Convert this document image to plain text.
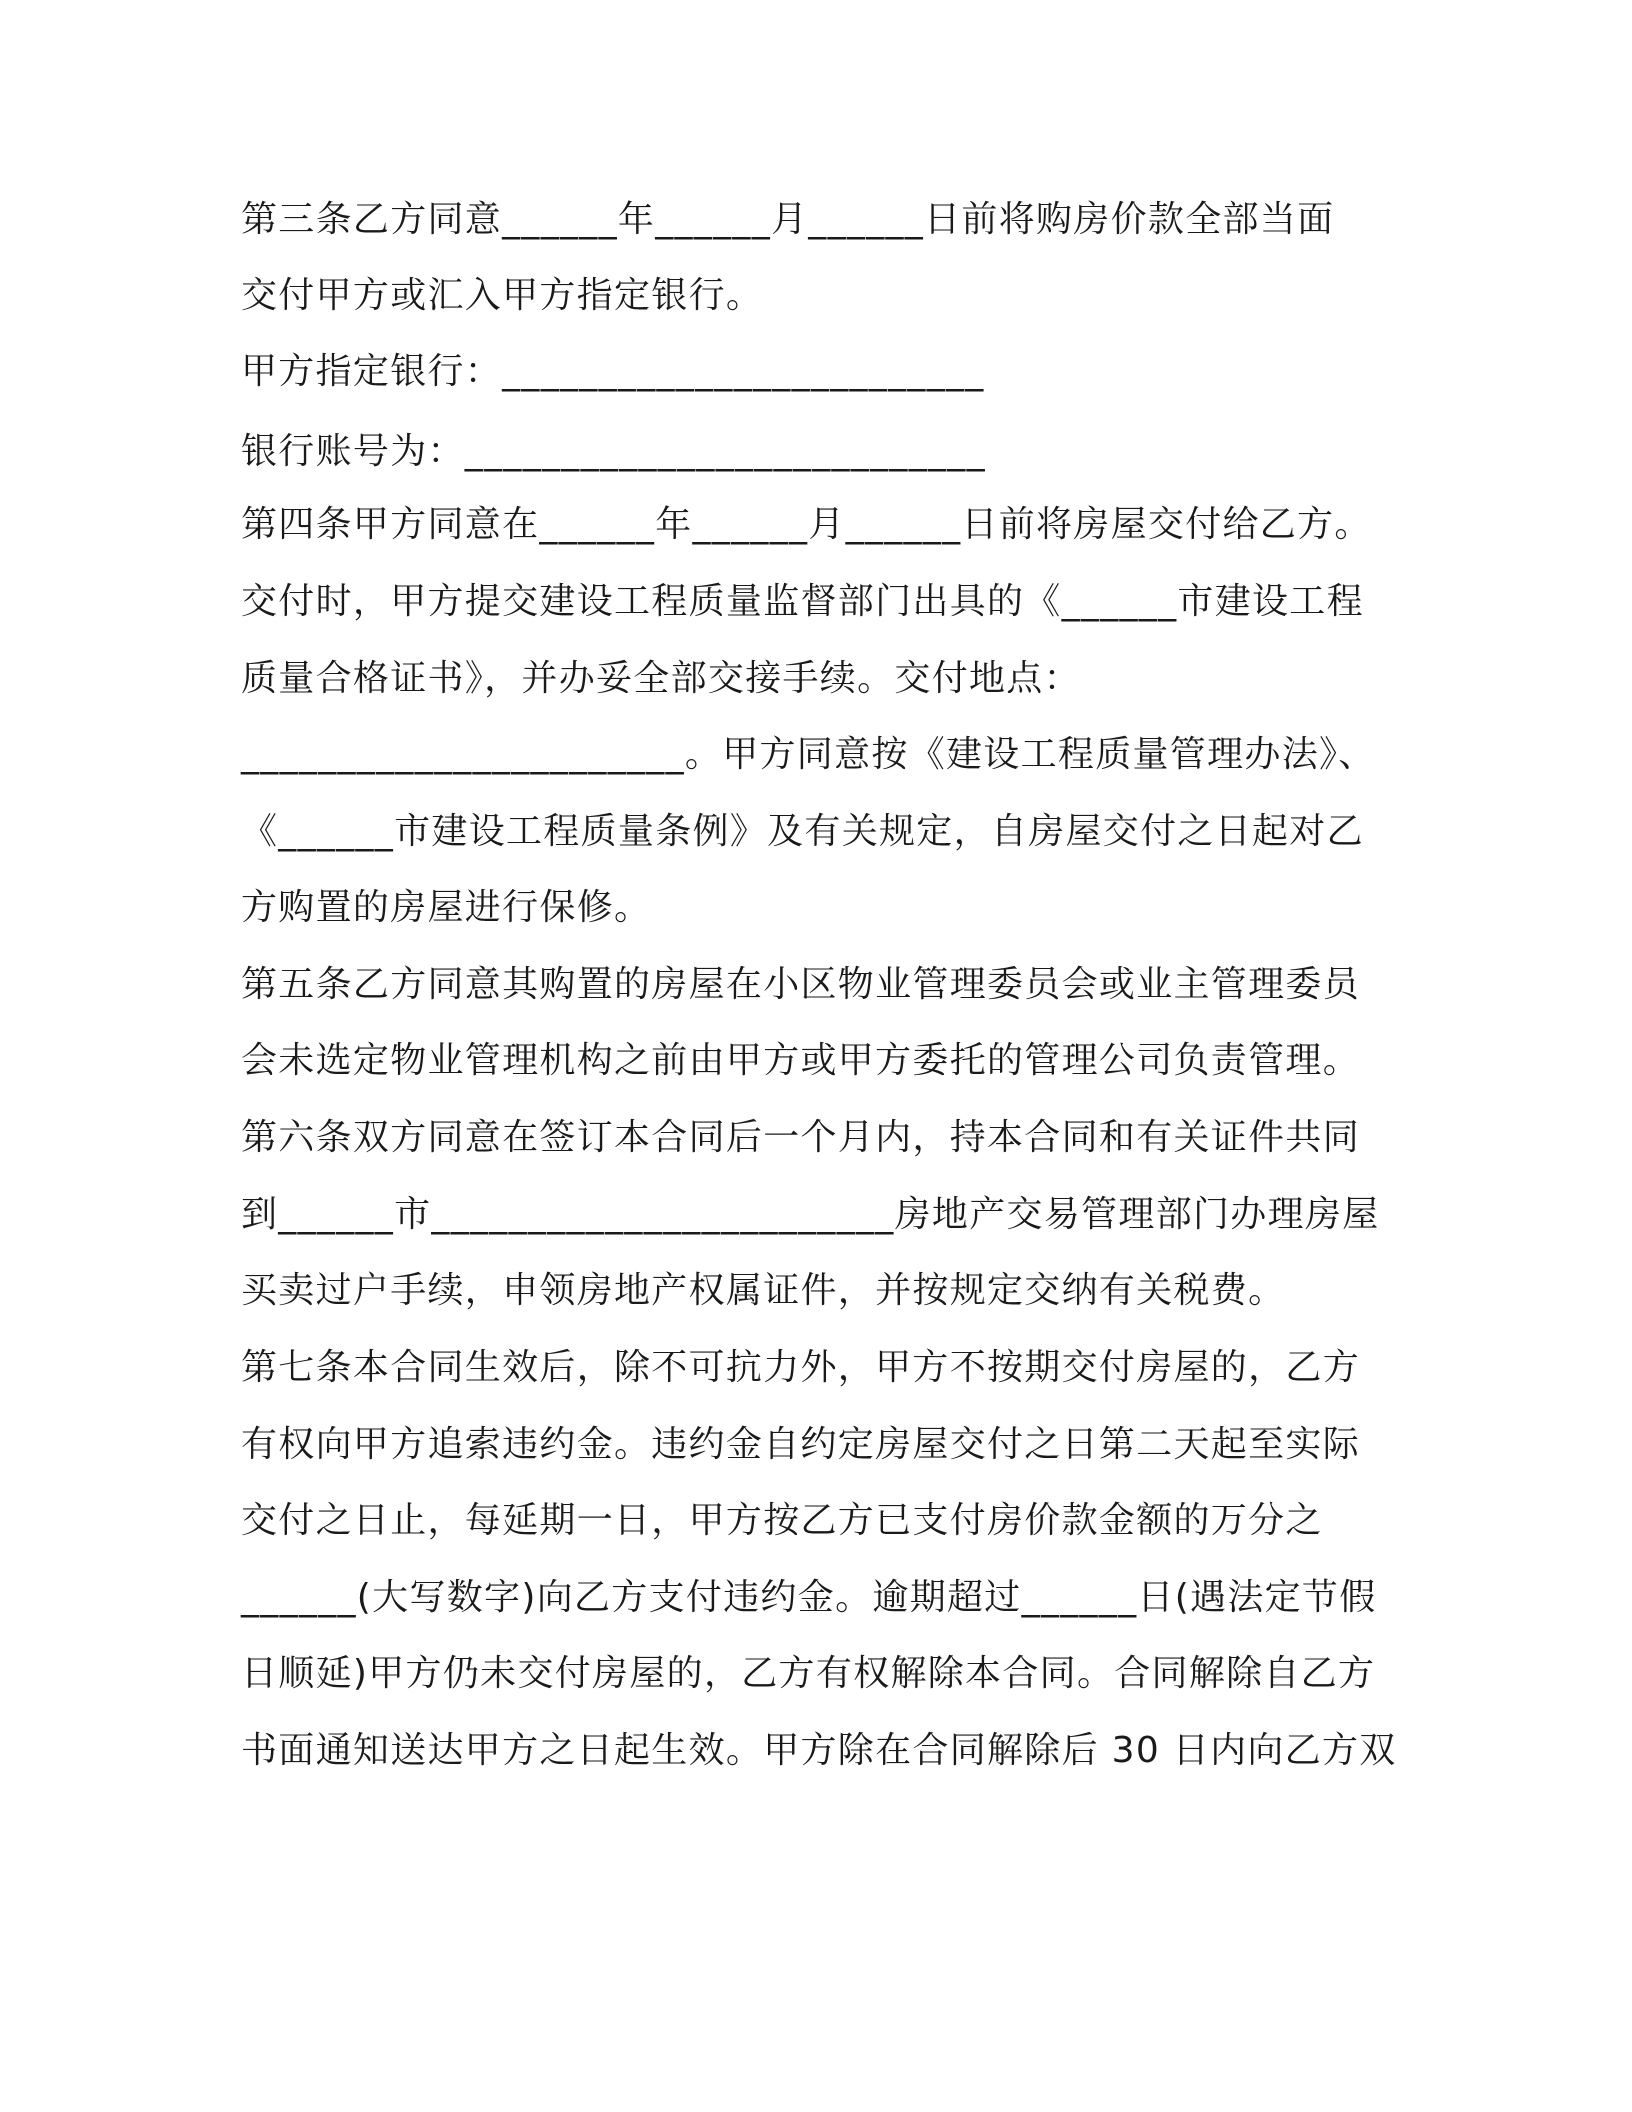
第三条乙方同意______年______月______日前将购房价款全部当面

交付甲方或汇入甲方指定银行。

甲方指定银行：_________________________

银行账号为：___________________________

第四条甲方同意在______年______月______日前将房屋交付给乙方。

交付时，甲方提交建设工程质量监督部门出具的《______市建设工程

质量合格证书》，并办妥全部交接手续。交付地点：

_______________________。甲方同意按《建设工程质量管理办法》、

《______市建设工程质量条例》及有关规定，自房屋交付之日起对乙

方购置的房屋进行保修。

第五条乙方同意其购置的房屋在小区物业管理委员会或业主管理委员

会未选定物业管理机构之前由甲方或甲方委托的管理公司负责管理。

第六条双方同意在签订本合同后一个月内，持本合同和有关证件共同

到______市________________________房地产交易管理部门办理房屋

买卖过户手续，申领房地产权属证件，并按规定交纳有关税费。

第七条本合同生效后，除不可抗力外，甲方不按期交付房屋的，乙方

有权向甲方追索违约金。违约金自约定房屋交付之日第二天起至实际

交付之日止，每延期一日，甲方按乙方已支付房价款金额的万分之

______(大写数字)向乙方支付违约金。逾期超过______日(遇法定节假

日顺延)甲方仍未交付房屋的，乙方有权解除本合同。合同解除自乙方

书面通知送达甲方之日起生效。甲方除在合同解除后 30 日内向乙方双
